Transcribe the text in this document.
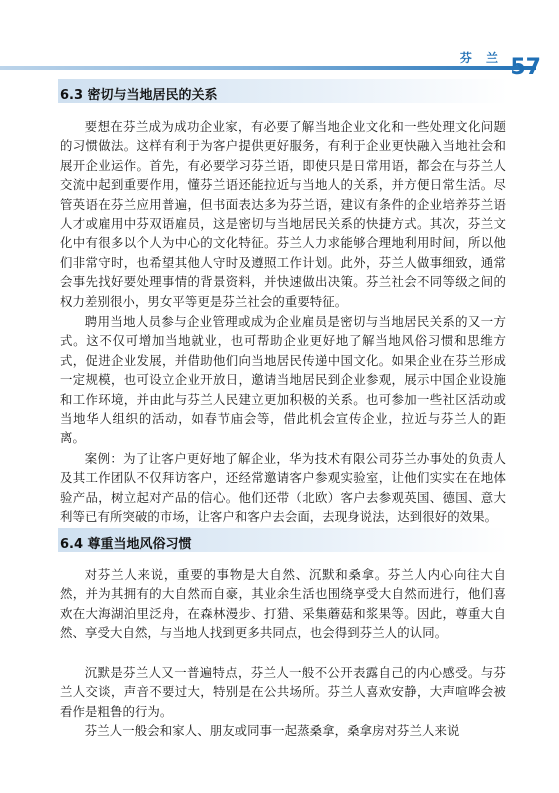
芬 兰 57
6.3 密切与当地居民的关系

要想在芬兰成为成功企业家，有必要了解当地企业文化和一些处理文化问题的习惯做法。这样有利于为客户提供更好服务，有利于企业更快融入当地社会和展开企业运作。首先，有必要学习芬兰语，即使只是日常用语，都会在与芬兰人交流中起到重要作用，懂芬兰语还能拉近与当地人的关系，并方便日常生活。尽管英语在芬兰应用普遍，但书面表达多为芬兰语，建议有条件的企业培养芬兰语人才或雇用中芬双语雇员，这是密切与当地居民关系的快捷方式。其次，芬兰文化中有很多以个人为中心的文化特征。芬兰人力求能够合理地利用时间，所以他们非常守时，也希望其他人守时及遵照工作计划。此外，芬兰人做事细致，通常会事先找好要处理事情的背景资料，并快速做出决策。芬兰社会不同等级之间的权力差别很小，男女平等更是芬兰社会的重要特征。

聘用当地人员参与企业管理或成为企业雇员是密切与当地居民关系的又一方式。这不仅可增加当地就业，也可帮助企业更好地了解当地风俗习惯和思维方式，促进企业发展，并借助他们向当地居民传递中国文化。如果企业在芬兰形成一定规模，也可设立企业开放日，邀请当地居民到企业参观，展示中国企业设施和工作环境，并由此与芬兰人民建立更加积极的关系。也可参加一些社区活动或当地华人组织的活动，如春节庙会等，借此机会宣传企业，拉近与芬兰人的距离。

案例：为了让客户更好地了解企业，华为技术有限公司芬兰办事处的负责人及其工作团队不仅拜访客户，还经常邀请客户参观实验室，让他们实实在在地体验产品，树立起对产品的信心。他们还带（北欧）客户去参观英国、德国、意大利等已有所突破的市场，让客户和客户去会面，去现身说法，达到很好的效果。

6.4 尊重当地风俗习惯

对芬兰人来说，重要的事物是大自然、沉默和桑拿。芬兰人内心向往大自然，并为其拥有的大自然而自豪，其业余生活也围绕享受大自然而进行，他们喜欢在大海湖泊里泛舟，在森林漫步、打猎、采集蘑菇和浆果等。因此，尊重大自然、享受大自然，与当地人找到更多共同点，也会得到芬兰人的认同。

沉默是芬兰人又一普遍特点，芬兰人一般不公开表露自己的内心感受。与芬兰人交谈，声音不要过大，特别是在公共场所。芬兰人喜欢安静，大声喧哗会被看作是粗鲁的行为。

芬兰人一般会和家人、朋友或同事一起蒸桑拿，桑拿房对芬兰人来说
